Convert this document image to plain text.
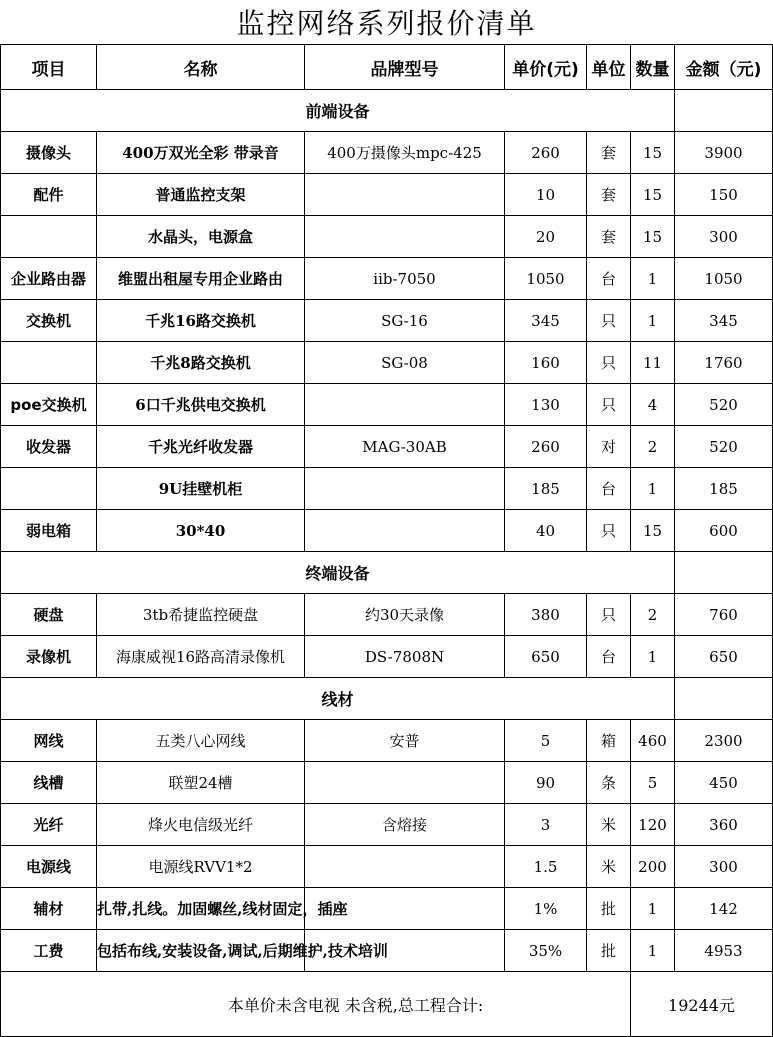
监控网络系列报价清单						
项目	名称	品牌型号	单价(元)	单位	数量	金额（元)
前端设备						
摄像头	400万双光全彩 带录音	400万摄像头mpc-425	260	套	15	3900
配件	普通监控支架		10	套	15	150
	水晶头，电源盒		20	套	15	300
企业路由器	维盟出租屋专用企业路由	iib-7050	1050	台	1	1050
交换机	千兆16路交换机	SG-16	345	只	1	345
	千兆8路交换机	SG-08	160	只	11	1760
poe交换机	6口千兆供电交换机		130	只	4	520
收发器	千兆光纤收发器	MAG-30AB	260	对	2	520
	9U挂壁机柜		185	台	1	185
弱电箱	30*40		40	只	15	600
终端设备						
硬盘	3tb希捷监控硬盘	约30天录像	380	只	2	760
录像机	海康威视16路高清录像机	DS-7808N	650	台	1	650
线材						
网线	五类八心网线	安普	5	箱	460	2300
线槽	联塑24槽		90	条	5	450
光纤	烽火电信级光纤	含熔接	3	米	120	360
电源线	电源线RVV1*2		1.5	米	200	300
辅材	扎带,扎线。加固螺丝,线材固定，插座		1%	批	1	142
工费	包括布线,安装设备,调试,后期维护,技术培训		35%	批	1	4953
本单价未含电视 未含税,总工程合计:					19244元	
